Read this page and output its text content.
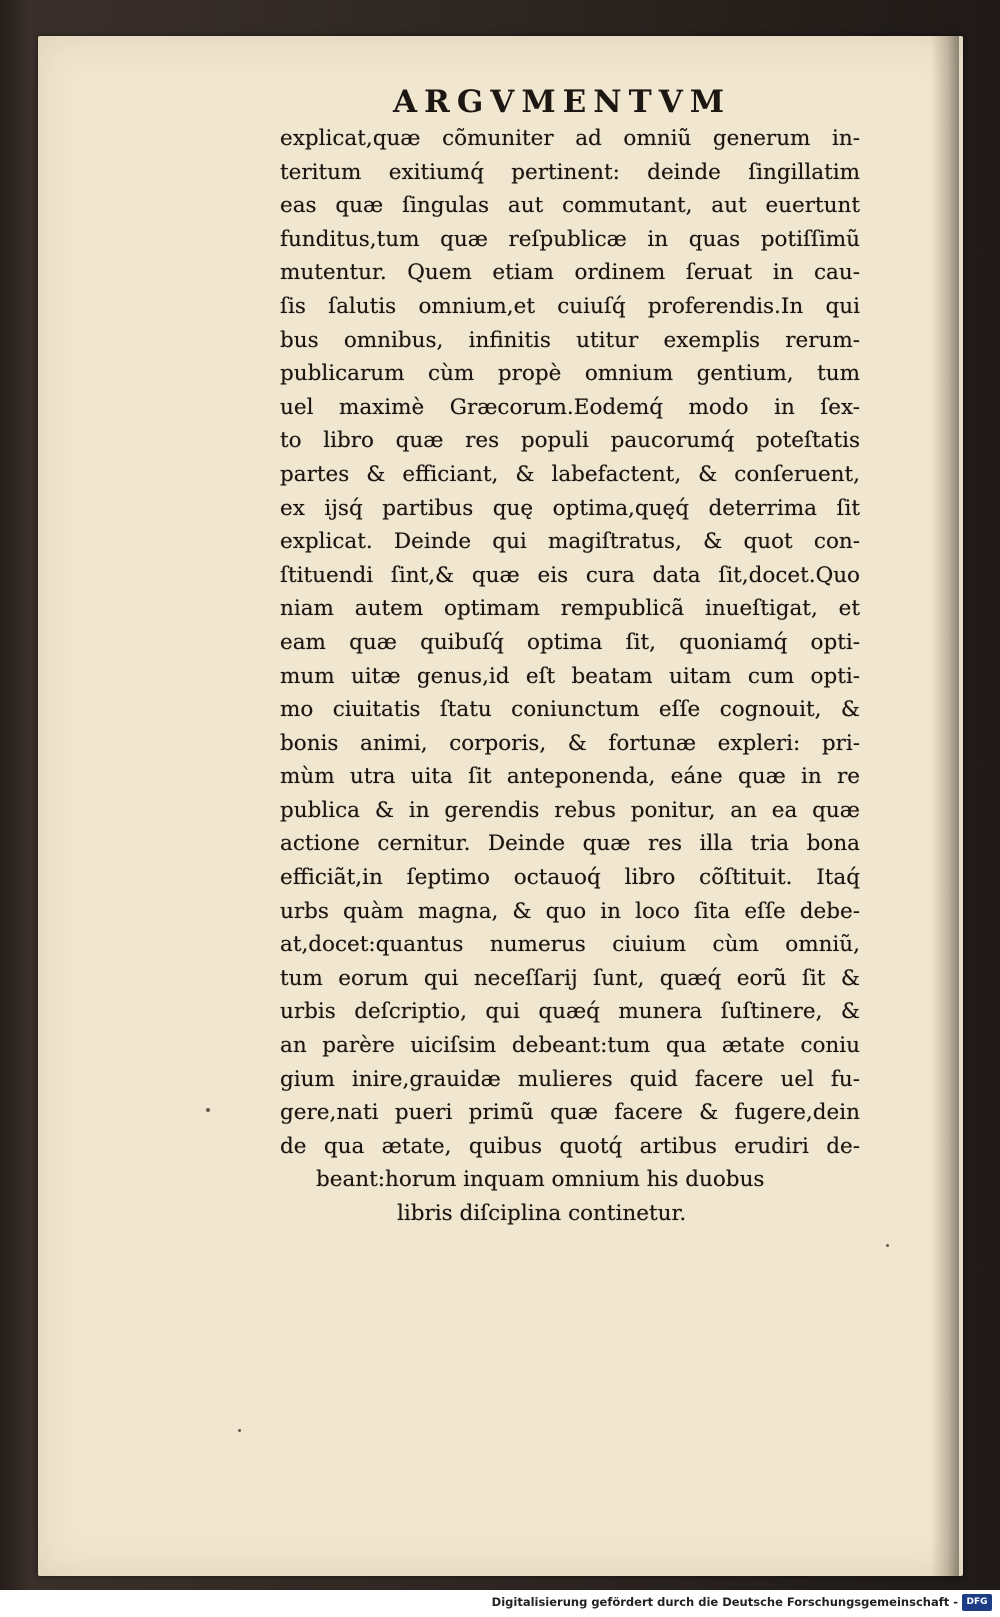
ARGVMENTVM
explicat,quæ cõmuniter ad omniũ generum in-
teritum exitiumq́ pertinent: deinde ſingillatim
eas quæ ſingulas aut commutant, aut euertunt
funditus,tum quæ reſpublicæ in quas potiſſimũ
mutentur. Quem etiam ordinem ſeruat in cau-
ſis ſalutis omnium,et cuiuſq́ proferendis.In qui
bus omnibus, infinitis utitur exemplis rerum-
publicarum cùm propè omnium gentium, tum
uel maximè Græcorum.Eodemq́ modo in ſex-
to libro quæ res populi paucorumq́ poteſtatis
partes & efficiant, & labefactent, & conſeruent,
ex ijsq́ partibus quę optima,quęq́ deterrima ſit
explicat. Deinde qui magiſtratus, & quot con-
ſtituendi ſint,& quæ eis cura data ſit,docet.Quo
niam autem optimam rempublicã inueſtigat, et
eam quæ quibuſq́ optima ſit, quoniamq́ opti-
mum uitæ genus,id eſt beatam uitam cum opti-
mo ciuitatis ſtatu coniunctum eſſe cognouit, &
bonis animi, corporis, & fortunæ expleri: pri-
mùm utra uita ſit anteponenda, eáne quæ in re
publica & in gerendis rebus ponitur, an ea quæ
actione cernitur. Deinde quæ res illa tria bona
efficiãt,in ſeptimo octauoq́ libro cõſtituit. Itaq́
urbs quàm magna, & quo in loco ſita eſſe debe-
at,docet:quantus numerus ciuium cùm omniũ,
tum eorum qui neceſſarij ſunt, quæq́ eorũ ſit &
urbis deſcriptio, qui quæq́ munera ſuſtinere, &
an parère uiciſsim debeant:tum qua ætate coniu
gium inire,grauidæ mulieres quid facere uel fu-
gere,nati pueri primũ quæ facere & fugere,dein
de qua ætate, quibus quotq́ artibus erudiri de-
beant:horum inquam omnium his duobus
libris diſciplina continetur.
Digitalisierung gefördert durch die Deutsche Forschungsgemeinschaft - DFG
